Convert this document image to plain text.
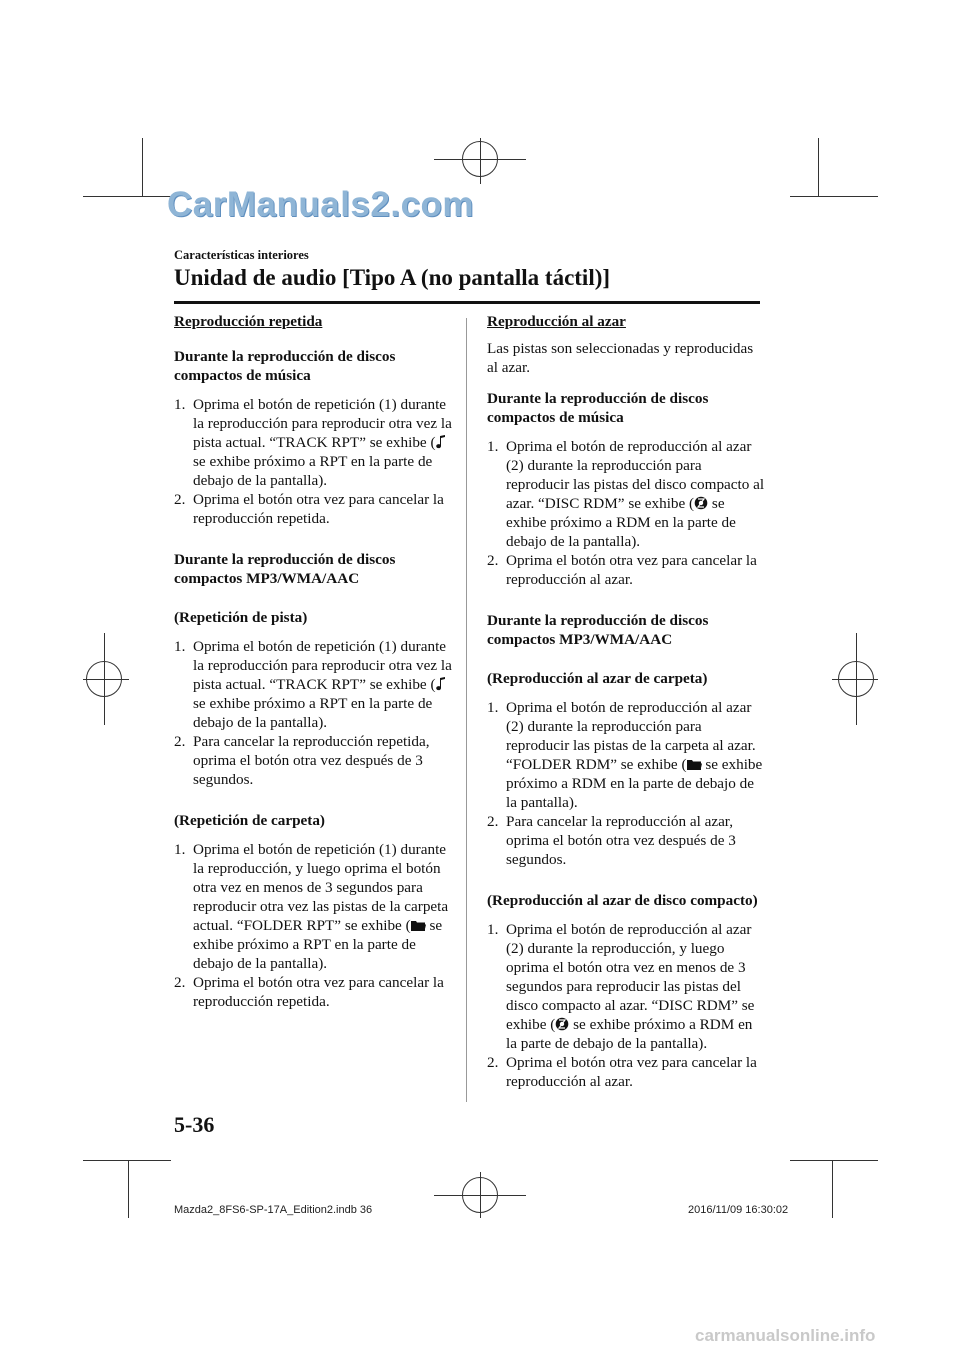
CarManuals2.com
Características interiores
Unidad de audio [Tipo A (no pantalla táctil)]
Reproducción repetida
Durante la reproducción de discos compactos de música
1. Oprima el botón de repetición (1) durante la reproducción para reproducir otra vez la pista actual. “TRACK RPT” se exhibe ( se exhibe próximo a RPT en la parte de debajo de la pantalla).
2. Oprima el botón otra vez para cancelar la reproducción repetida.
Durante la reproducción de discos compactos MP3/WMA/AAC
(Repetición de pista)
1. Oprima el botón de repetición (1) durante la reproducción para reproducir otra vez la pista actual. “TRACK RPT” se exhibe ( se exhibe próximo a RPT en la parte de debajo de la pantalla).
2. Para cancelar la reproducción repetida, oprima el botón otra vez después de 3 segundos.
(Repetición de carpeta)
1. Oprima el botón de repetición (1) durante la reproducción, y luego oprima el botón otra vez en menos de 3 segundos para reproducir otra vez las pistas de la carpeta actual. “FOLDER RPT” se exhibe ( se exhibe próximo a RPT en la parte de debajo de la pantalla).
2. Oprima el botón otra vez para cancelar la reproducción repetida.
Reproducción al azar
Las pistas son seleccionadas y reproducidas al azar.
Durante la reproducción de discos compactos de música
1. Oprima el botón de reproducción al azar (2) durante la reproducción para reproducir las pistas del disco compacto al azar. “DISC RDM” se exhibe ( se exhibe próximo a RDM en la parte de debajo de la pantalla).
2. Oprima el botón otra vez para cancelar la reproducción al azar.
Durante la reproducción de discos compactos MP3/WMA/AAC
(Reproducción al azar de carpeta)
1. Oprima el botón de reproducción al azar (2) durante la reproducción para reproducir las pistas de la carpeta al azar. “FOLDER RDM” se exhibe ( se exhibe próximo a RDM en la parte de debajo de la pantalla).
2. Para cancelar la reproducción al azar, oprima el botón otra vez después de 3 segundos.
(Reproducción al azar de disco compacto)
1. Oprima el botón de reproducción al azar (2) durante la reproducción, y luego oprima el botón otra vez en menos de 3 segundos para reproducir las pistas del disco compacto al azar. “DISC RDM” se exhibe ( se exhibe próximo a RDM en la parte de debajo de la pantalla).
2. Oprima el botón otra vez para cancelar la reproducción al azar.
5-36
Mazda2_8FS6-SP-17A_Edition2.indb 36	2016/11/09 16:30:02
carmanualsonline.info
